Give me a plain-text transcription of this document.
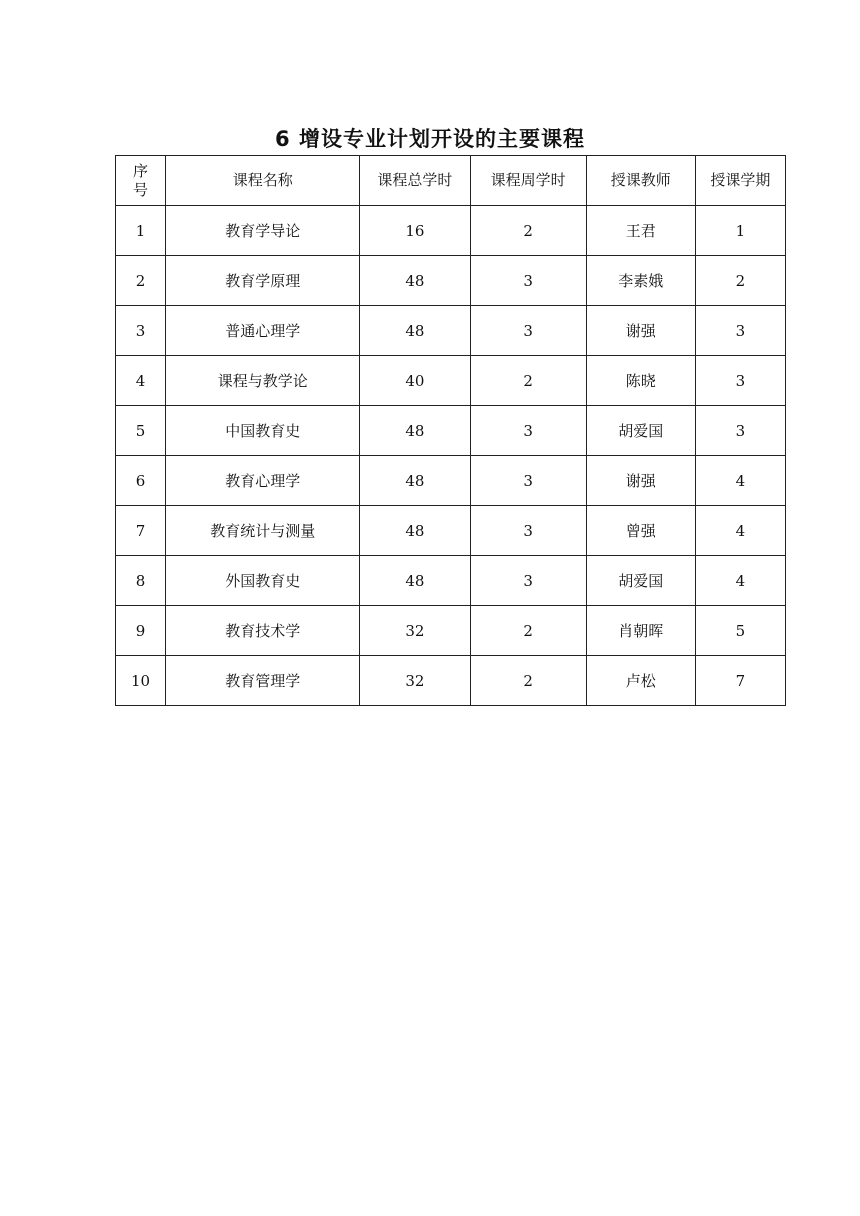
6 增设专业计划开设的主要课程
序
号	课程名称	课程总学时	课程周学时	授课教师	授课学期
1	教育学导论	16	2	王君	1
2	教育学原理	48	3	李素娥	2
3	普通心理学	48	3	谢强	3
4	课程与教学论	40	2	陈晓	3
5	中国教育史	48	3	胡爱国	3
6	教育心理学	48	3	谢强	4
7	教育统计与测量	48	3	曾强	4
8	外国教育史	48	3	胡爱国	4
9	教育技术学	32	2	肖朝晖	5
10	教育管理学	32	2	卢松	7
